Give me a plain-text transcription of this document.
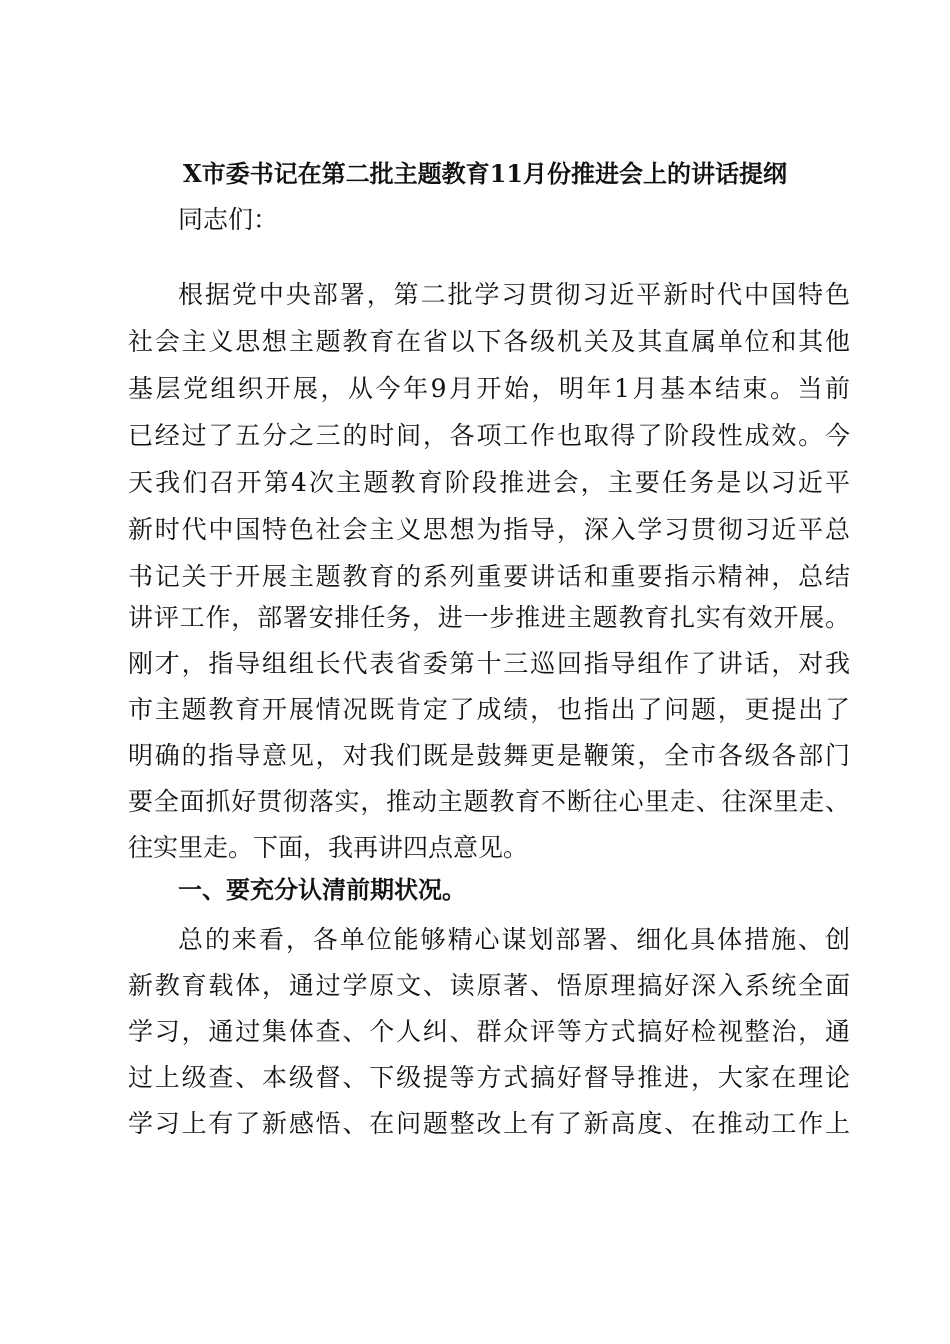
X市委书记在第二批主题教育11月份推进会上的讲话提纲

同志们：

根据党中央部署，第二批学习贯彻习近平新时代中国特色

社会主义思想主题教育在省以下各级机关及其直属单位和其他

基层党组织开展，从今年9月开始，明年1月基本结束。当前

已经过了五分之三的时间，各项工作也取得了阶段性成效。今

天我们召开第4次主题教育阶段推进会，主要任务是以习近平

新时代中国特色社会主义思想为指导，深入学习贯彻习近平总

书记关于开展主题教育的系列重要讲话和重要指示精神，总结

讲评工作，部署安排任务，进一步推进主题教育扎实有效开展。

刚才，指导组组长代表省委第十三巡回指导组作了讲话，对我

市主题教育开展情况既肯定了成绩，也指出了问题，更提出了

明确的指导意见，对我们既是鼓舞更是鞭策，全市各级各部门

要全面抓好贯彻落实，推动主题教育不断往心里走、往深里走、

往实里走。下面，我再讲四点意见。

一、要充分认清前期状况。

总的来看，各单位能够精心谋划部署、细化具体措施、创

新教育载体，通过学原文、读原著、悟原理搞好深入系统全面

学习，通过集体查、个人纠、群众评等方式搞好检视整治，通

过上级查、本级督、下级提等方式搞好督导推进，大家在理论

学习上有了新感悟、在问题整改上有了新高度、在推动工作上
